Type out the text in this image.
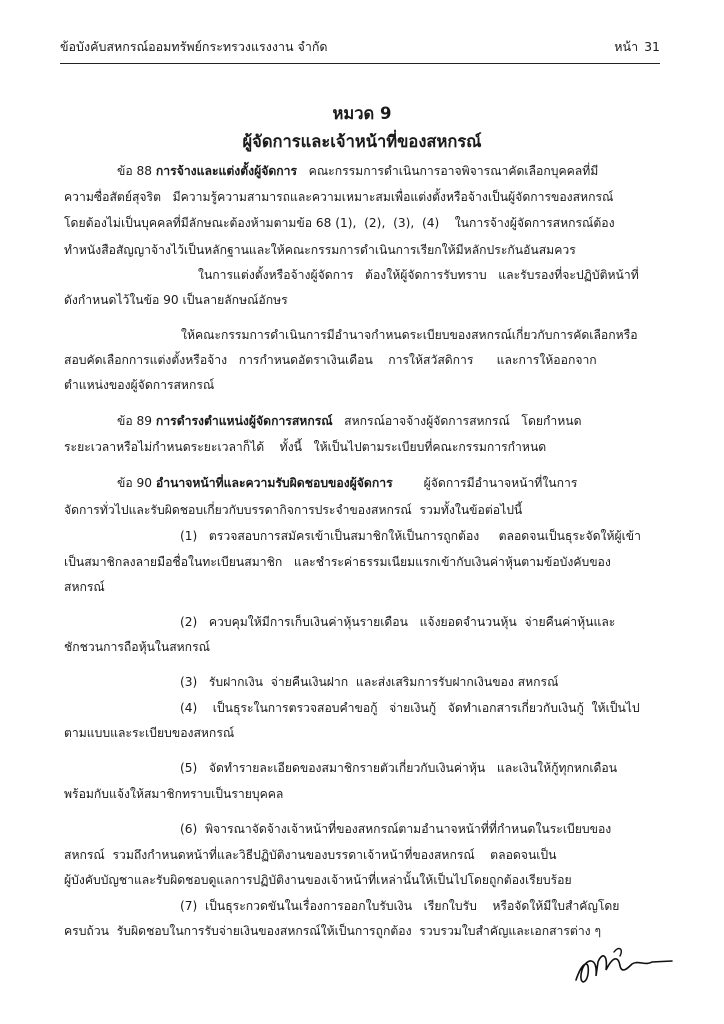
ข้อบังคับสหกรณ์ออมทรัพย์กระทรวงแรงงาน จำกัด	หน้า 31
หมวด 9
ผู้จัดการและเจ้าหน้าที่ของสหกรณ์
ข้อ 88 การจ้างและแต่งตั้งผู้จัดการ   คณะกรรมการดำเนินการอาจพิจารณาคัดเลือกบุคคลที่มี
ความซื่อสัตย์สุจริต   มีความรู้ความสามารถและความเหมาะสมเพื่อแต่งตั้งหรือจ้างเป็นผู้จัดการของสหกรณ์
โดยต้องไม่เป็นบุคคลที่มีลักษณะต้องห้ามตามข้อ 68 (1),  (2),  (3),  (4)    ในการจ้างผู้จัดการสหกรณ์ต้อง
ทำหนังสือสัญญาจ้างไว้เป็นหลักฐานและให้คณะกรรมการดำเนินการเรียกให้มีหลักประกันอันสมควร
ในการแต่งตั้งหรือจ้างผู้จัดการ   ต้องให้ผู้จัดการรับทราบ   และรับรองที่จะปฏิบัติหน้าที่
ดังกำหนดไว้ในข้อ 90 เป็นลายลักษณ์อักษร
ให้คณะกรรมการดำเนินการมีอำนาจกำหนดระเบียบของสหกรณ์เกี่ยวกับการคัดเลือกหรือ
สอบคัดเลือกการแต่งตั้งหรือจ้าง   การกำหนดอัตราเงินเดือน    การให้สวัสดิการ      และการให้ออกจาก
ตำแหน่งของผู้จัดการสหกรณ์
ข้อ 89 การดำรงตำแหน่งผู้จัดการสหกรณ์   สหกรณ์อาจจ้างผู้จัดการสหกรณ์   โดยกำหนด
ระยะเวลาหรือไม่กำหนดระยะเวลาก็ได้    ทั้งนี้   ให้เป็นไปตามระเบียบที่คณะกรรมการกำหนด
ข้อ 90 อำนาจหน้าที่และความรับผิดชอบของผู้จัดการ        ผู้จัดการมีอำนาจหน้าที่ในการ
จัดการทั่วไปและรับผิดชอบเกี่ยวกับบรรดากิจการประจำของสหกรณ์  รวมทั้งในข้อต่อไปนี้
(1)   ตรวจสอบการสมัครเข้าเป็นสมาชิกให้เป็นการถูกต้อง     ตลอดจนเป็นธุระจัดให้ผู้เข้า
เป็นสมาชิกลงลายมือชื่อในทะเบียนสมาชิก   และชำระค่าธรรมเนียมแรกเข้ากับเงินค่าหุ้นตามข้อบังคับของ
สหกรณ์
(2)   ควบคุมให้มีการเก็บเงินค่าหุ้นรายเดือน   แจ้งยอดจำนวนหุ้น  จ่ายคืนค่าหุ้นและ
ชักชวนการถือหุ้นในสหกรณ์
(3)   รับฝากเงิน  จ่ายคืนเงินฝาก  และส่งเสริมการรับฝากเงินของ สหกรณ์
(4)    เป็นธุระในการตรวจสอบคำขอกู้   จ่ายเงินกู้   จัดทำเอกสารเกี่ยวกับเงินกู้  ให้เป็นไป
ตามแบบและระเบียบของสหกรณ์
(5)   จัดทำรายละเอียดของสมาชิกรายตัวเกี่ยวกับเงินค่าหุ้น   และเงินให้กู้ทุกหกเดือน
พร้อมกับแจ้งให้สมาชิกทราบเป็นรายบุคคล
(6)  พิจารณาจัดจ้างเจ้าหน้าที่ของสหกรณ์ตามอำนาจหน้าที่ที่กำหนดในระเบียบของ
สหกรณ์  รวมถึงกำหนดหน้าที่และวิธีปฏิบัติงานของบรรดาเจ้าหน้าที่ของสหกรณ์    ตลอดจนเป็น
ผู้บังคับบัญชาและรับผิดชอบดูแลการปฏิบัติงานของเจ้าหน้าที่เหล่านั้นให้เป็นไปโดยถูกต้องเรียบร้อย
(7)  เป็นธุระกวดขันในเรื่องการออกใบรับเงิน   เรียกใบรับ    หรือจัดให้มีใบสำคัญโดย
ครบถ้วน  รับผิดชอบในการรับจ่ายเงินของสหกรณ์ให้เป็นการถูกต้อง  รวบรวมใบสำคัญและเอกสารต่าง ๆ
